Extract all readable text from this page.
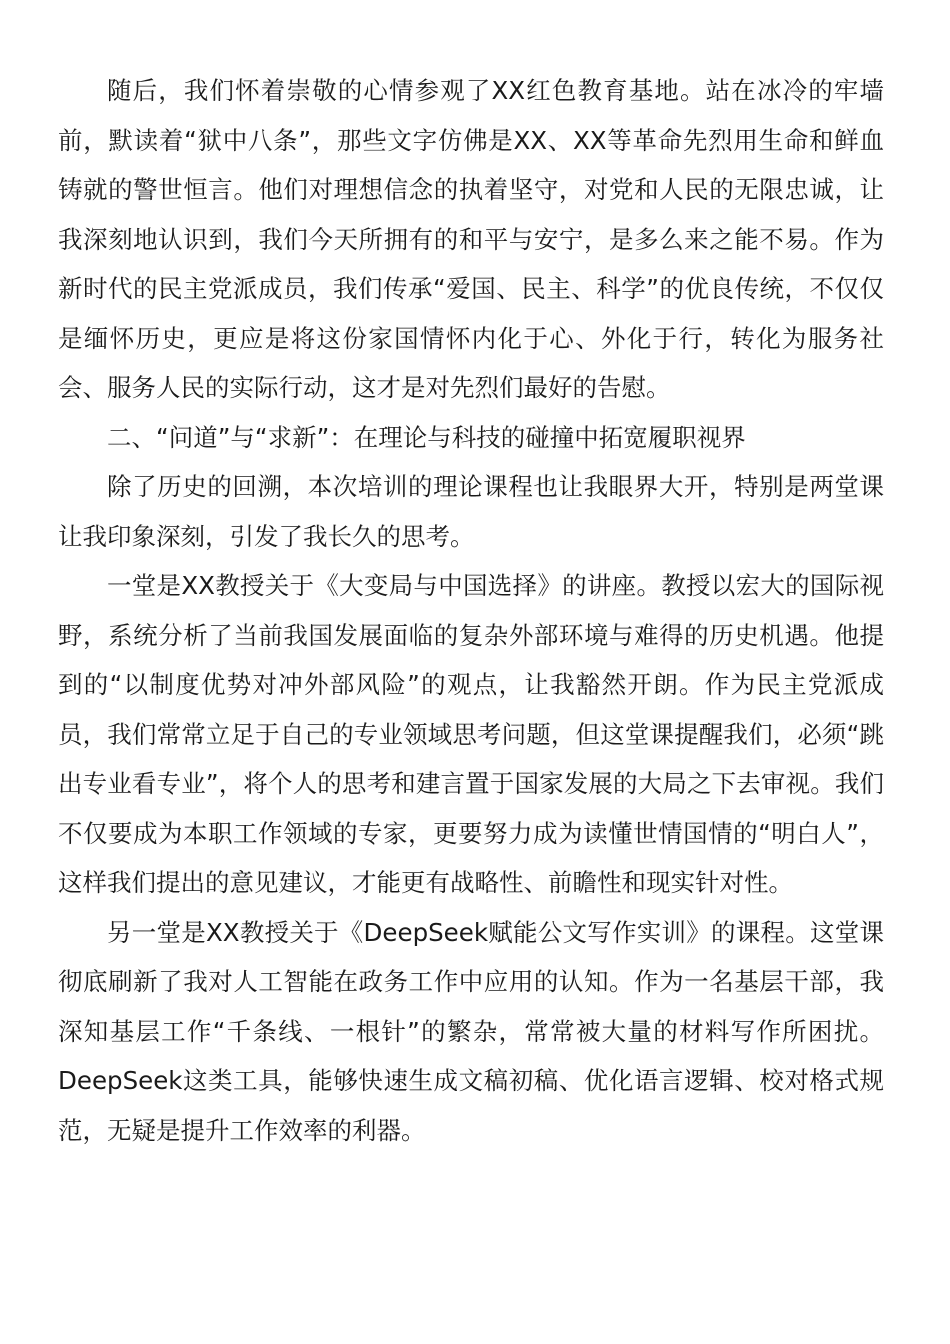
随后，我们怀着崇敬的心情参观了XX红色教育基地。站在冰冷的牢墙前，默读着“狱中八条”，那些文字仿佛是XX、XX等革命先烈用生命和鲜血铸就的警世恒言。他们对理想信念的执着坚守，对党和人民的无限忠诚，让我深刻地认识到，我们今天所拥有的和平与安宁，是多么来之能不易。作为新时代的民主党派成员，我们传承“爱国、民主、科学”的优良传统，不仅仅是缅怀历史，更应是将这份家国情怀内化于心、外化于行，转化为服务社会、服务人民的实际行动，这才是对先烈们最好的告慰。

二、“问道”与“求新”：在理论与科技的碰撞中拓宽履职视界

除了历史的回溯，本次培训的理论课程也让我眼界大开，特别是两堂课让我印象深刻，引发了我长久的思考。

一堂是XX教授关于《大变局与中国选择》的讲座。教授以宏大的国际视野，系统分析了当前我国发展面临的复杂外部环境与难得的历史机遇。他提到的“以制度优势对冲外部风险”的观点，让我豁然开朗。作为民主党派成员，我们常常立足于自己的专业领域思考问题，但这堂课提醒我们，必须“跳出专业看专业”，将个人的思考和建言置于国家发展的大局之下去审视。我们不仅要成为本职工作领域的专家，更要努力成为读懂世情国情的“明白人”，这样我们提出的意见建议，才能更有战略性、前瞻性和现实针对性。

另一堂是XX教授关于《DeepSeek赋能公文写作实训》的课程。这堂课彻底刷新了我对人工智能在政务工作中应用的认知。作为一名基层干部，我深知基层工作“千条线、一根针”的繁杂，常常被大量的材料写作所困扰。DeepSeek这类工具，能够快速生成文稿初稿、优化语言逻辑、校对格式规范，无疑是提升工作效率的利器。
